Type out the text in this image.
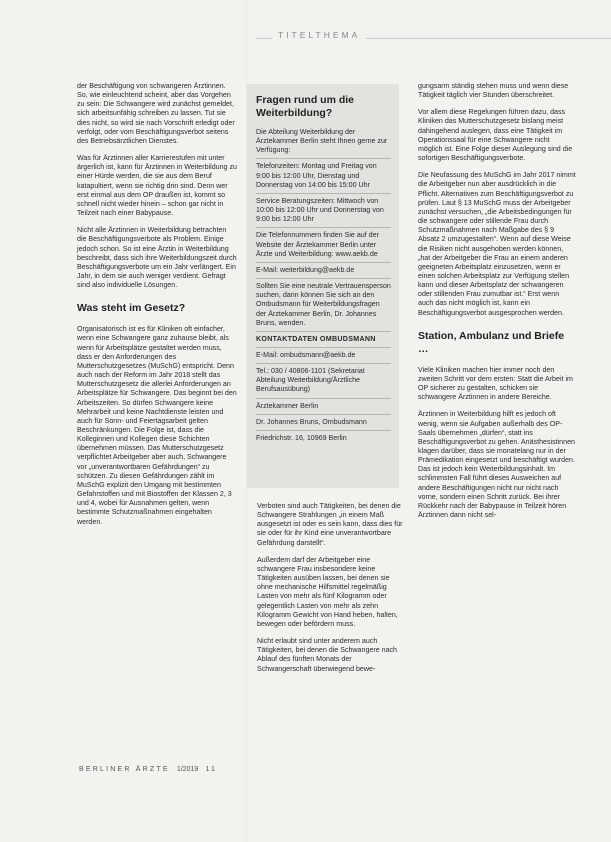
TITELTHEMA

der Beschäftigung von schwangeren Ärztinnen. So, wie einleuchtend scheint, aber das Vorgehen zu sein: Die Schwangere wird zunächst gemeldet, sich arbeitsunfähig schreiben zu lassen. Tut sie dies nicht, so wird sie nach Vorschrift erledigt oder verfolgt, oder vom Beschäftigungsverbot seitens des Betriebsärztlichen Dienstes.

Was für Ärztinnen aller Karrierestufen mit unter ärgerlich ist, kann für Ärztinnen in Weiterbildung zu einer Hürde werden, die sie aus dem Beruf katapultiert, wenn sie richtig drin sind. Denn wer erst einmal aus dem OP draußen ist, kommt so schnell nicht wieder hinein – schon gar nicht in Teilzeit nach einer Babypause.

Nicht alle Ärztinnen in Weiterbildung betrachten die Beschäftigungsverbote als Problem. Einige jedoch schon. So ist eine Ärztin in Weiterbildung beschreibt, dass sich ihre Weiterbildungszeit durch Beschäftigungsverbote um ein Jahr verlängert. Ein Jahr, in dem sie auch weniger verdient. Gefragt sind also individuelle Lösungen.

Was steht im Gesetz?

Organisatorisch ist es für Kliniken oft einfacher, wenn eine Schwangere ganz zuhause bleibt, als wenn für Arbeitsplätze gestaltet werden muss, dass er den Anforderungen des Mutterschutzgesetzes (MuSchG) entspricht. Denn auch nach der Reform im Jahr 2018 stellt das Mutterschutzgesetz die allerlei Anforderungen an Arbeitsplätze für Schwangere. Das beginnt bei den Arbeitszeiten. So dürfen Schwangere keine Mehrarbeit und keine Nachtdienste leisten und auch für Sonn- und Feiertagsarbeit gelten Beschränkungen. Die Folge ist, dass die Kolleginnen und Kollegen diese Schichten übernehmen müssen. Das Mutterschutzgesetz verpflichtet Arbeitgeber aber auch, Schwangere vor „unverantwortbaren Gefährdungen“ zu schützen. Zu diesen Gefährdungen zählt im MuSchG explizit den Umgang mit bestimmten Gefahrstoffen und mit Biostoffen der Klassen 2, 3 und 4, wobei für Ausnahmen gelten, wenn bestimmte Schutzmaßnahmen eingehalten werden.

Fragen rund um die Weiterbildung?
Die Abteilung Weiterbildung der Ärztekammer Berlin steht Ihnen gerne zur Verfügung:
Telefonzeiten: Montag und Freitag von 9:00 bis 12:00 Uhr, Dienstag und Donnerstag von 14:00 bis 15:00 Uhr
Service Beratungszeiten: Mittwoch von 10:00 bis 12:00 Uhr und Donnerstag von 9:00 bis 12:00 Uhr
Die Telefonnummern finden Sie auf der Website der Ärztekammer Berlin unter Ärzte und Weiterbildung: www.aekb.de
E-Mail: weiterbildung@aekb.de
Sollten Sie eine neutrale Vertrauensperson suchen, dann können Sie sich an den Ombudsmann für Weiterbildungsfragen der Ärztekammer Berlin, Dr. Johannes Bruns, wenden.
KONTAKTDATEN OMBUDSMANN
E-Mail: ombudsmann@aekb.de
Tel.: 030 / 40806-1101 (Sekretariat Abteilung Weiterbildung/Ärztliche Berufsausübung)
Ärztekammer Berlin
Dr. Johannes Bruns, Ombudsmann
Friedrichstr. 16, 10969 Berlin

Verboten sind auch Tätigkeiten, bei denen die Schwangere Strahlungen „in einem Maß ausgesetzt ist oder es sein kann, dass dies für sie oder für ihr Kind eine unverantwortbare Gefährdung darstellt“.

Außerdem darf der Arbeitgeber eine schwangere Frau insbesondere keine Tätigkeiten ausüben lassen, bei denen sie ohne mechanische Hilfsmittel regelmäßig Lasten von mehr als fünf Kilogramm oder gelegentlich Lasten von mehr als zehn Kilogramm Gewicht von Hand heben, halten, bewegen oder befördern muss.

Nicht erlaubt sind unter anderem auch Tätigkeiten, bei denen die Schwangere nach Ablauf des fünften Monats der Schwangerschaft überwiegend bewe-

gungsarm ständig stehen muss und wenn diese Tätigkeit täglich vier Stunden überschreitet.

Vor allem diese Regelungen führen dazu, dass Kliniken das Mutterschutzgesetz bislang meist dahingehend auslegen, dass eine Tätigkeit im Operationssaal für eine Schwangere nicht möglich ist. Eine Folge dieser Auslegung sind die sofortigen Beschäftigungsverbote.

Die Neufassung des MuSchG im Jahr 2017 nimmt die Arbeitgeber nun aber ausdrücklich in die Pflicht. Alternativen zum Beschäftigungsverbot zu prüfen. Laut § 13 MuSchG muss der Arbeitgeber zunächst versuchen, „die Arbeitsbedingungen für die schwangere oder stillende Frau durch Schutzmaßnahmen nach Maßgabe des § 9 Absatz 2 umzugestalten“. Wenn auf diese Weise die Risiken nicht ausgehoben werden können, „hat der Arbeitgeber die Frau an einem anderen geeigneten Arbeitsplatz einzusetzen, wenn er einen solchen Arbeitsplatz zur Verfügung stellen kann und dieser Arbeitsplatz der schwangeren oder stillenden Frau zumutbar ist.“ Erst wenn auch das nicht möglich ist, kann ein Beschäftigungsverbot ausgesprochen werden.

Station, Ambulanz und Briefe …

Viele Kliniken machen hier immer noch den zweiten Schritt vor dem ersten: Statt die Arbeit im OP sicherer zu gestalten, schicken sie schwangere Ärztinnen in andere Bereiche.

Ärztinnen in Weiterbildung hilft es jedoch oft wenig, wenn sie Aufgaben außerhalb des OP-Saals übernehmen „dürfen“, statt ins Beschäftigungsverbot zu gehen. Anästhesistinnen klagen darüber, dass sie monatelang nur in der Prämedikation eingesetzt und beschäftigt wurden. Das ist jedoch kein Weiterbildungsinhalt. Im schlimmsten Fall führt dieses Ausweichen auf andere Beschäftigungen nicht nur nicht nach vorne, sondern einen Schritt zurück. Bei ihrer Rückkehr nach der Babypause in Teilzeit hören Ärztinnen dann nicht sel-

BERLINER ÄRZTE 1/2019 11
